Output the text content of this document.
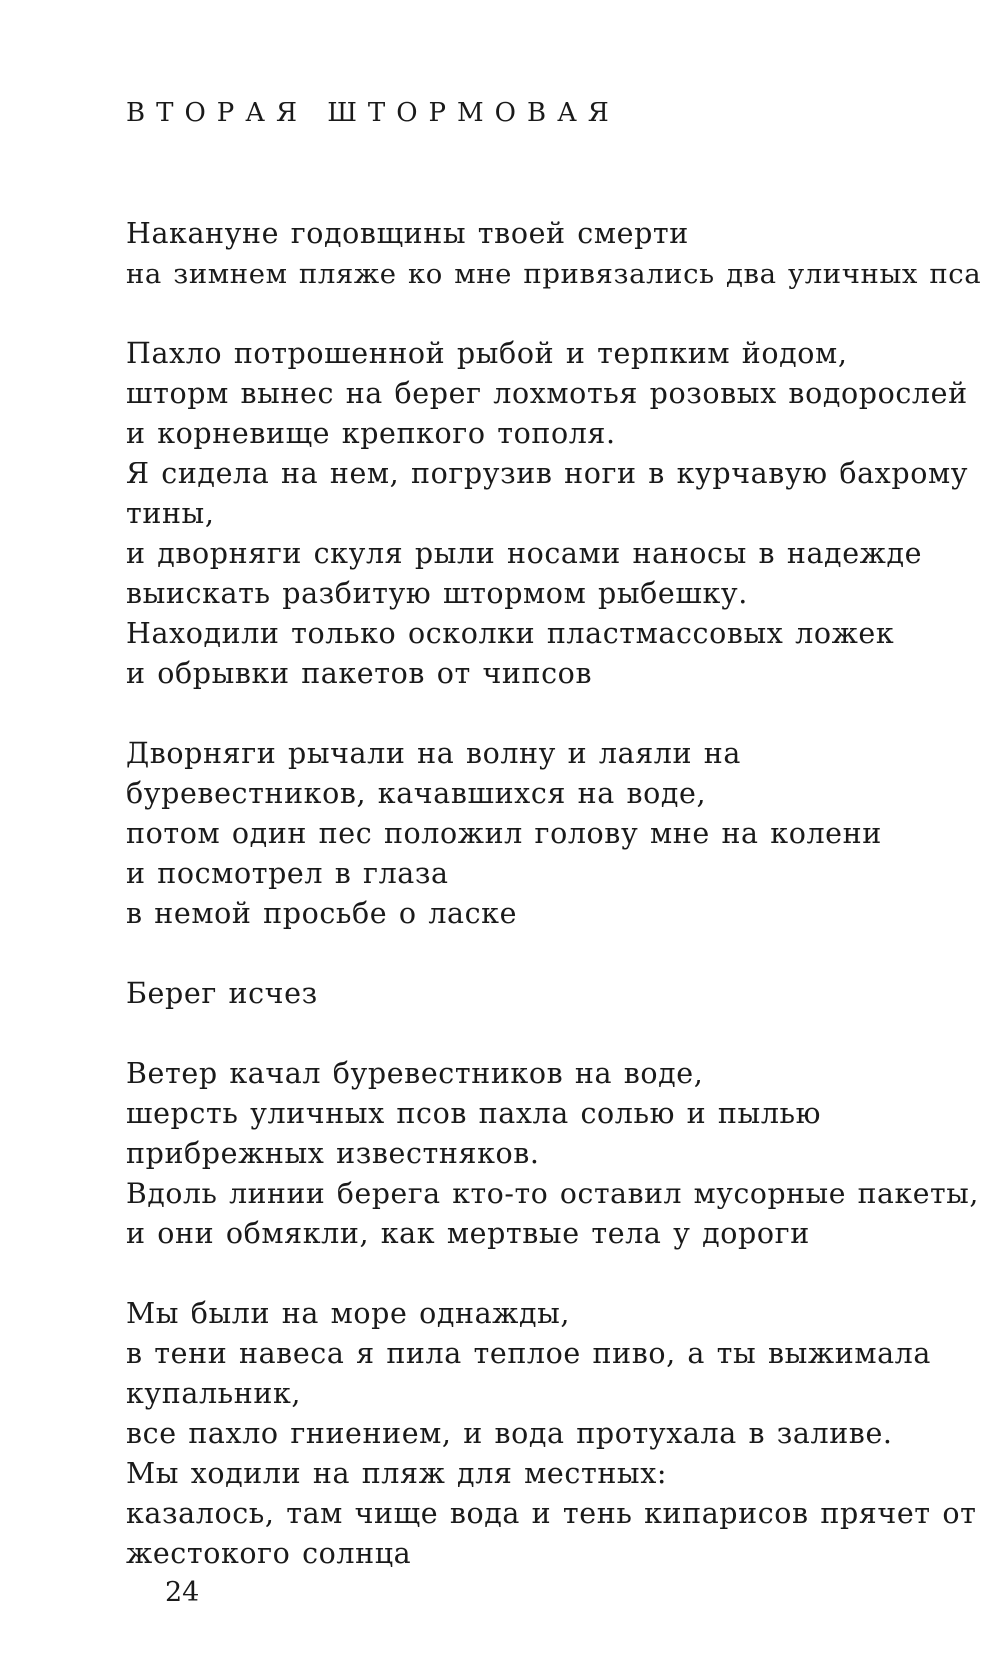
ВТОРАЯ ШТОРМОВАЯ
Накануне годовщины твоей смерти
на зимнем пляже ко мне привязались два уличных пса
Пахло потрошенной рыбой и терпким йодом,
шторм вынес на берег лохмотья розовых водорослей
и корневище крепкого тополя.
Я сидела на нем, погрузив ноги в курчавую бахрому
тины,
и дворняги скуля рыли носами наносы в надежде
выискать разбитую штормом рыбешку.
Находили только осколки пластмассовых ложек
и обрывки пакетов от чипсов
Дворняги рычали на волну и лаяли на
буревестников, качавшихся на воде,
потом один пес положил голову мне на колени
и посмотрел в глаза
в немой просьбе о ласке
Берег исчез
Ветер качал буревестников на воде,
шерсть уличных псов пахла солью и пылью
прибрежных известняков.
Вдоль линии берега кто-то оставил мусорные пакеты,
и они обмякли, как мертвые тела у дороги
Мы были на море однажды,
в тени навеса я пила теплое пиво, а ты выжимала
купальник,
все пахло гниением, и вода протухала в заливе.
Мы ходили на пляж для местных:
казалось, там чище вода и тень кипарисов прячет от
жестокого солнца
24
